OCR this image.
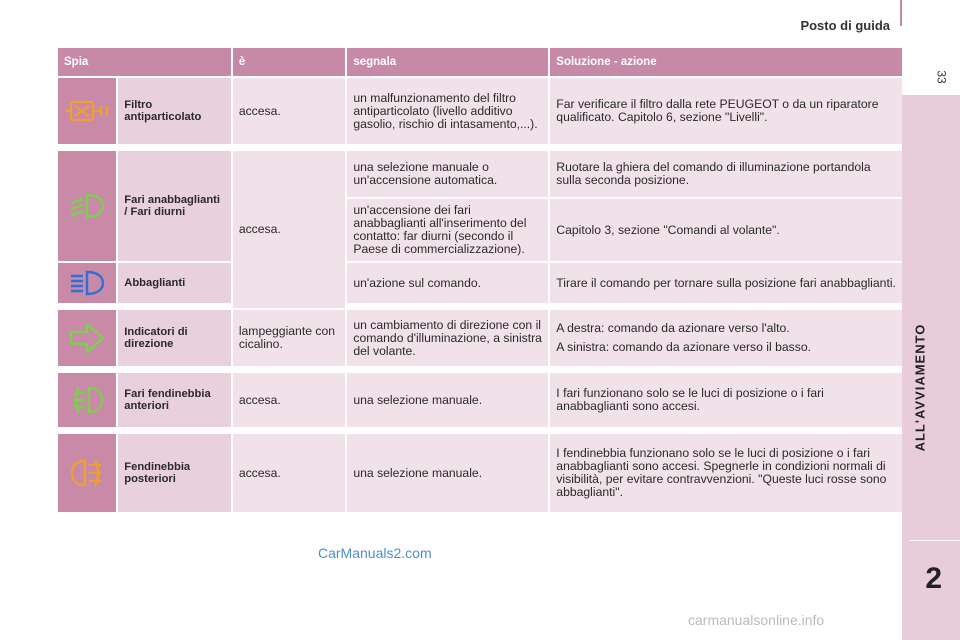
Posto di guida
33
ALL'AVVIAMENTO
2
Spia		è	segnala	Soluzione - azione

	Filtro antiparticolato	accesa.	un malfunzionamento del filtro antiparticolato (livello additivo gasolio, rischio di intasamento,...).	Far verificare il filtro dalla rete PEUGEOT o da un riparatore qualificato. Capitolo 6, sezione "Livelli".

	Fari anabbaglianti / Fari diurni	accesa.	una selezione manuale o un'accensione automatica.	Ruotare la ghiera del comando di illuminazione portandola sulla seconda posizione.
			un'accensione dei fari anabbaglianti all'inserimento del contatto: far diurni (secondo il Paese di commercializzazione).	Capitolo 3, sezione "Comandi al volante".

	Abbaglianti		un'azione sul comando.	Tirare il comando per tornare sulla posizione fari anabbaglianti.

	Indicatori di direzione	lampeggiante con cicalino.	un cambiamento di direzione con il comando d'illuminazione, a sinistra del volante.	A destra: comando da azionare verso l'alto.

A sinistra: comando da azionare verso il basso.

	Fari fendinebbia anteriori	accesa.	una selezione manuale.	I fari funzionano solo se le luci di posizione o i fari anabbaglianti sono accesi.

	Fendinebbia posteriori	accesa.	una selezione manuale.	I fendinebbia funzionano solo se le luci di posizione o i fari anabbaglianti sono accesi. Spegnerle in condizioni normali di visibilità, per evitare contravvenzioni. "Queste luci rosse sono abbaglianti".
CarManuals2.com
carmanualsonline.info
